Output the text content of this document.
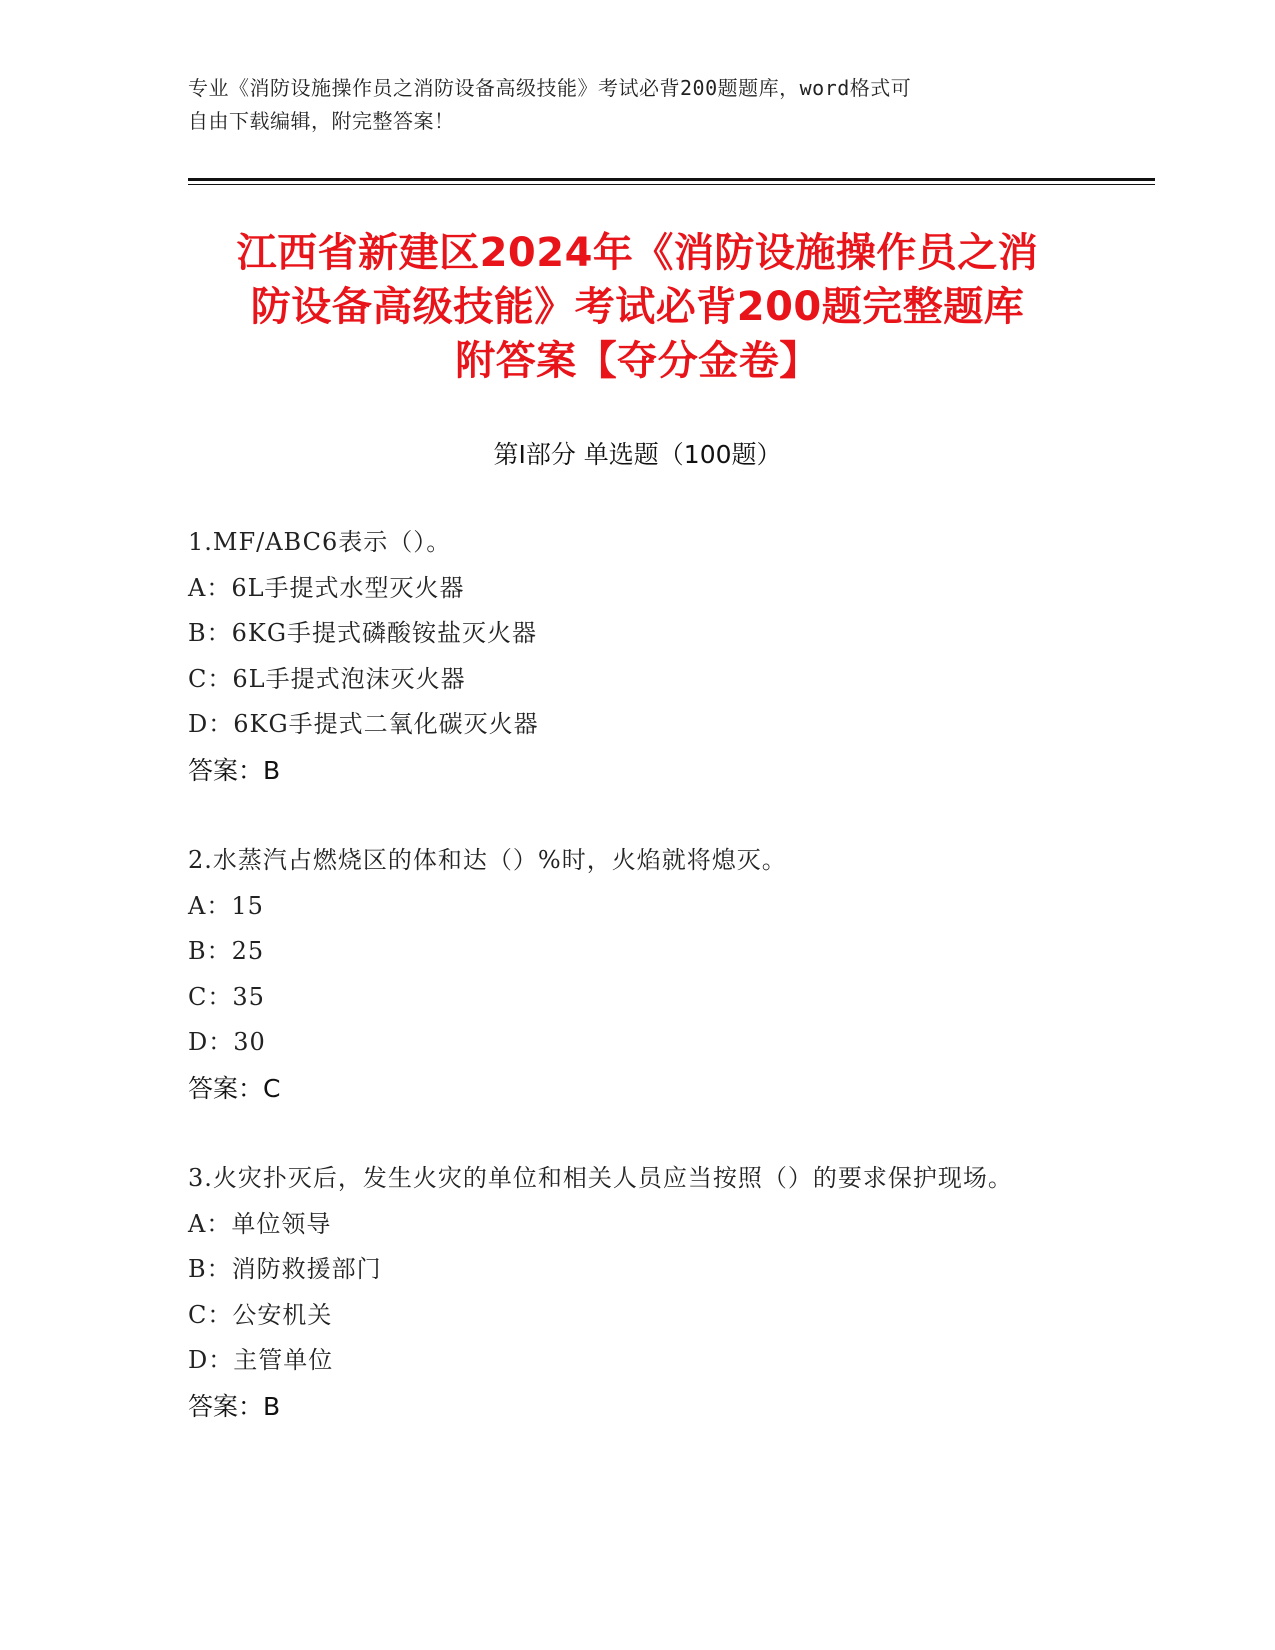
专业《消防设施操作员之消防设备高级技能》考试必背200题题库，word格式可
自由下载编辑，附完整答案！
江西省新建区2024年《消防设施操作员之消
防设备高级技能》考试必背200题完整题库
附答案【夺分金卷】
第Ⅰ部分 单选题（100题）
1.MF/ABC6表示（）。
A：6L手提式水型灭火器
B：6KG手提式磷酸铵盐灭火器
C：6L手提式泡沫灭火器
D：6KG手提式二氧化碳灭火器
答案：B
2.水蒸汽占燃烧区的体和达（）%时，火焰就将熄灭。
A：15
B：25
C：35
D：30
答案：C
3.火灾扑灭后，发生火灾的单位和相关人员应当按照（）的要求保护现场。
A：单位领导
B：消防救援部门
C：公安机关
D：主管单位
答案：B
